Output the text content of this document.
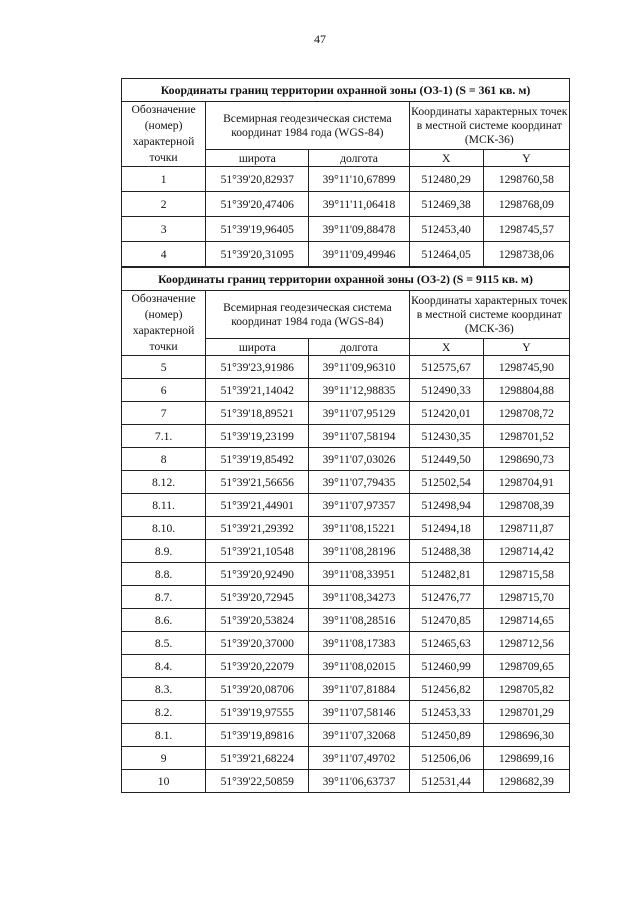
47
Координаты границ территории охранной зоны (ОЗ-1) (S = 361 кв. м)				
Обозначение (номер) характерной точки	Всемирная геодезическая система координат 1984 года (WGS-84)		Координаты характерных точек в местной системе координат (МСК-36)	
	широта	долгота	X	Y
1	51°39'20,82937	39°11'10,67899	512480,29	1298760,58
2	51°39'20,47406	39°11'11,06418	512469,38	1298768,09
3	51°39'19,96405	39°11'09,88478	512453,40	1298745,57
4	51°39'20,31095	39°11'09,49946	512464,05	1298738,06
Координаты границ территории охранной зоны (ОЗ-2) (S = 9115 кв. м)				
Обозначение (номер) характерной точки	Всемирная геодезическая система координат 1984 года (WGS-84)		Координаты характерных точек в местной системе координат (МСК-36)	
	широта	долгота	X	Y
5	51°39'23,91986	39°11'09,96310	512575,67	1298745,90
6	51°39'21,14042	39°11'12,98835	512490,33	1298804,88
7	51°39'18,89521	39°11'07,95129	512420,01	1298708,72
7.1.	51°39'19,23199	39°11'07,58194	512430,35	1298701,52
8	51°39'19,85492	39°11'07,03026	512449,50	1298690,73
8.12.	51°39'21,56656	39°11'07,79435	512502,54	1298704,91
8.11.	51°39'21,44901	39°11'07,97357	512498,94	1298708,39
8.10.	51°39'21,29392	39°11'08,15221	512494,18	1298711,87
8.9.	51°39'21,10548	39°11'08,28196	512488,38	1298714,42
8.8.	51°39'20,92490	39°11'08,33951	512482,81	1298715,58
8.7.	51°39'20,72945	39°11'08,34273	512476,77	1298715,70
8.6.	51°39'20,53824	39°11'08,28516	512470,85	1298714,65
8.5.	51°39'20,37000	39°11'08,17383	512465,63	1298712,56
8.4.	51°39'20,22079	39°11'08,02015	512460,99	1298709,65
8.3.	51°39'20,08706	39°11'07,81884	512456,82	1298705,82
8.2.	51°39'19,97555	39°11'07,58146	512453,33	1298701,29
8.1.	51°39'19,89816	39°11'07,32068	512450,89	1298696,30
9	51°39'21,68224	39°11'07,49702	512506,06	1298699,16
10	51°39'22,50859	39°11'06,63737	512531,44	1298682,39
